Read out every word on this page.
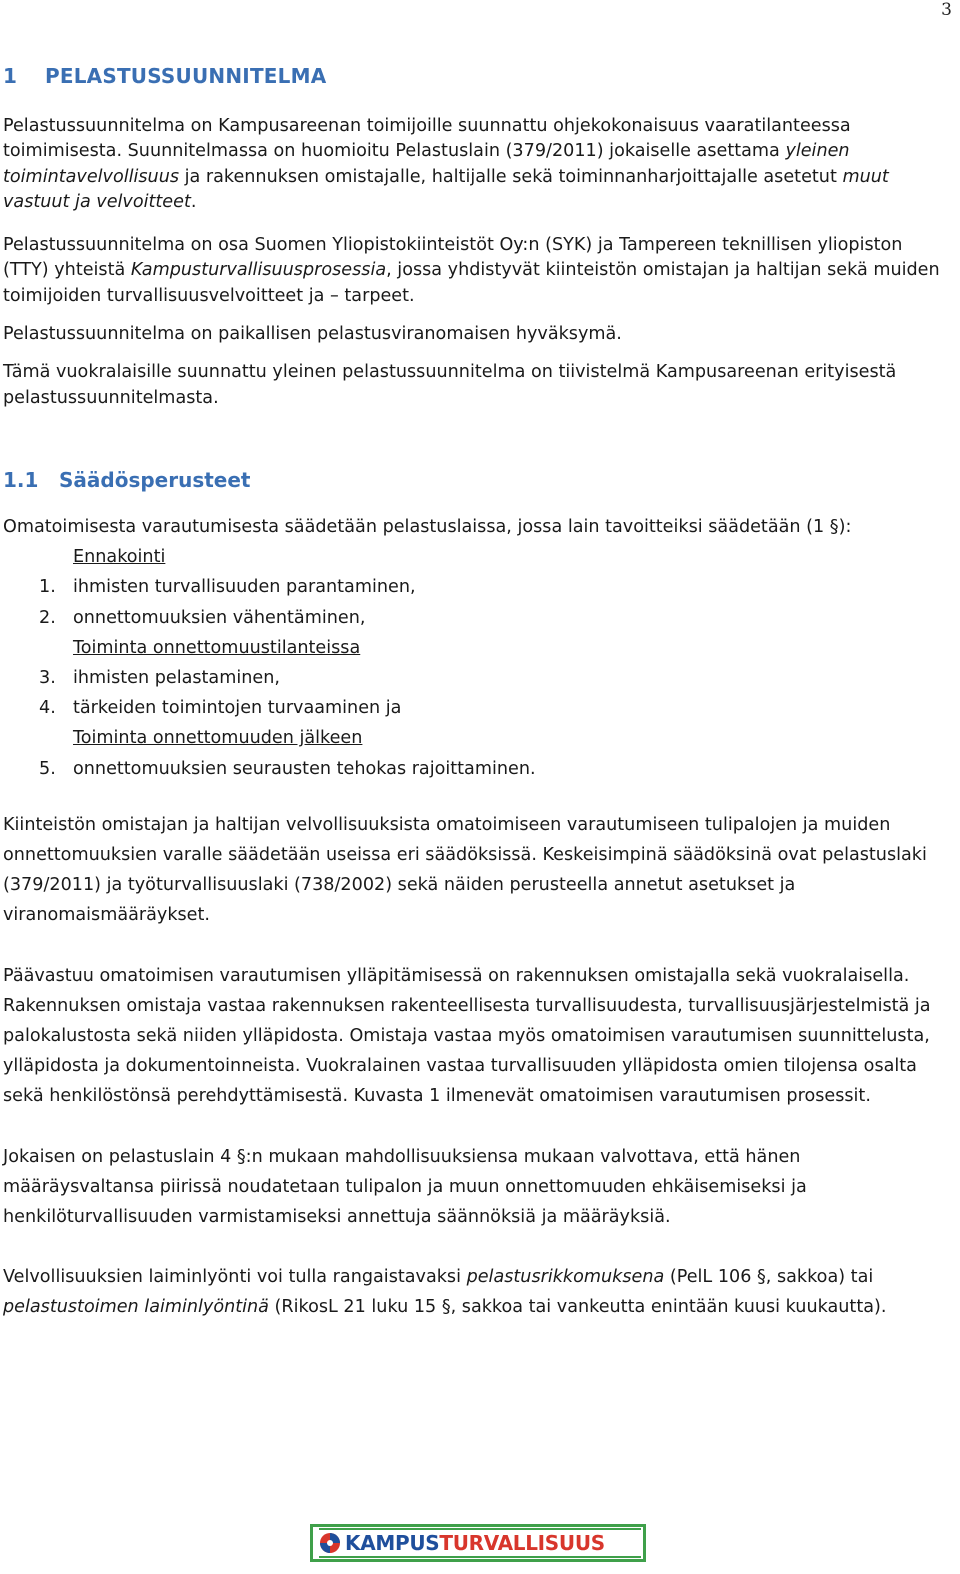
3
1	PELASTUSSUUNNITELMA

Pelastussuunnitelma on Kampusareenan toimijoille suunnattu ohjekokonaisuus vaaratilanteessa toimimisesta. Suunnitelmassa on huomioitu Pelastuslain (379/2011) jokaiselle asettama yleinen toimintavelvollisuus ja rakennuksen omistajalle, haltijalle sekä toiminnanharjoittajalle asetetut muut vastuut ja velvoitteet.

Pelastussuunnitelma on osa Suomen Yliopistokiinteistöt Oy:n (SYK) ja Tampereen teknillisen yliopiston (TTY) yhteistä Kampusturvallisuusprosessia, jossa yhdistyvät kiinteistön omistajan ja haltijan sekä muiden toimijoiden turvallisuusvelvoitteet ja – tarpeet.

Pelastussuunnitelma on paikallisen pelastusviranomaisen hyväksymä.

Tämä vuokralaisille suunnattu yleinen pelastussuunnitelma on tiivistelmä Kampusareenan erityisestä pelastussuunnitelmasta.

1.1	Säädösperusteet

Omatoimisesta varautumisesta säädetään pelastuslaissa, jossa lain tavoitteiksi säädetään (1 §):

Ennakointi
1. ihmisten turvallisuuden parantaminen,
2. onnettomuuksien vähentäminen,
Toiminta onnettomuustilanteissa
3. ihmisten pelastaminen,
4. tärkeiden toimintojen turvaaminen ja
Toiminta onnettomuuden jälkeen
5. onnettomuuksien seurausten tehokas rajoittaminen.

Kiinteistön omistajan ja haltijan velvollisuuksista omatoimiseen varautumiseen tulipalojen ja muiden onnettomuuksien varalle säädetään useissa eri säädöksissä. Keskeisimpinä säädöksinä ovat pelastuslaki (379/2011) ja työturvallisuuslaki (738/2002) sekä näiden perusteella annetut asetukset ja viranomaismääräykset.

Päävastuu omatoimisen varautumisen ylläpitämisessä on rakennuksen omistajalla sekä vuokralaisella. Rakennuksen omistaja vastaa rakennuksen rakenteellisesta turvallisuudesta, turvallisuusjärjestelmistä ja palokalustosta sekä niiden ylläpidosta. Omistaja vastaa myös omatoimisen varautumisen suunnittelusta, ylläpidosta ja dokumentoinneista. Vuokralainen vastaa turvallisuuden ylläpidosta omien tilojensa osalta sekä henkilöstönsä perehdyttämisestä. Kuvasta 1 ilmenevät omatoimisen varautumisen prosessit.

Jokaisen on pelastuslain 4 §:n mukaan mahdollisuuksiensa mukaan valvottava, että hänen määräysvaltansa piirissä noudatetaan tulipalon ja muun onnettomuuden ehkäisemiseksi ja henkilöturvallisuuden varmistamiseksi annettuja säännöksiä ja määräyksiä.

Velvollisuuksien laiminlyönti voi tulla rangaistavaksi pelastusrikkomuksena (PelL 106 §, sakkoa) tai pelastustoimen laiminlyöntinä (RikosL 21 luku 15 §, sakkoa tai vankeutta enintään kuusi kuukautta).

KAMPUS TURVALLISUUS
